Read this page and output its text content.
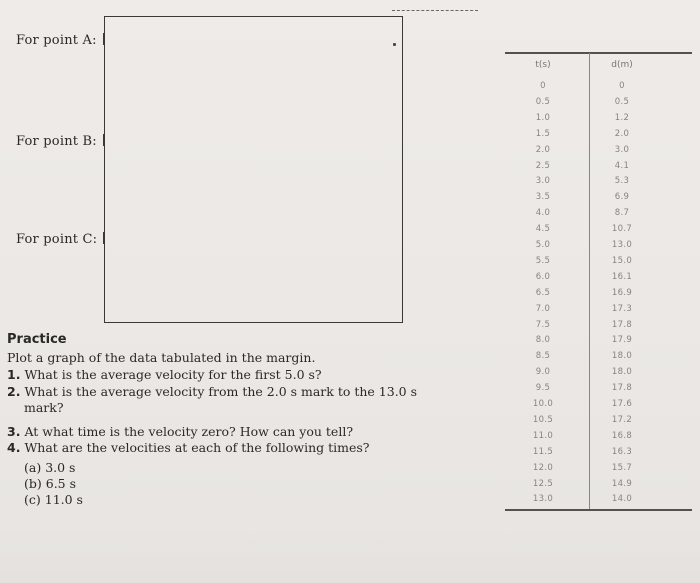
For point A:
For point B:
For point C:
Practice
Plot a graph of the data tabulated in the margin.
1. What is the average velocity for the first 5.0 s?
2. What is the average velocity from the 2.0 s mark to the 13.0 s
mark?
3. At what time is the velocity zero? How can you tell?
4. What are the velocities at each of the following times?
(a) 3.0 s
(b) 6.5 s
(c) 11.0 s
t(s)	d(m)
0	0
0.5	0.5
1.0	1.2
1.5	2.0
2.0	3.0
2.5	4.1
3.0	5.3
3.5	6.9
4.0	8.7
4.5	10.7
5.0	13.0
5.5	15.0
6.0	16.1
6.5	16.9
7.0	17.3
7.5	17.8
8.0	17.9
8.5	18.0
9.0	18.0
9.5	17.8
10.0	17.6
10.5	17.2
11.0	16.8
11.5	16.3
12.0	15.7
12.5	14.9
13.0	14.0
